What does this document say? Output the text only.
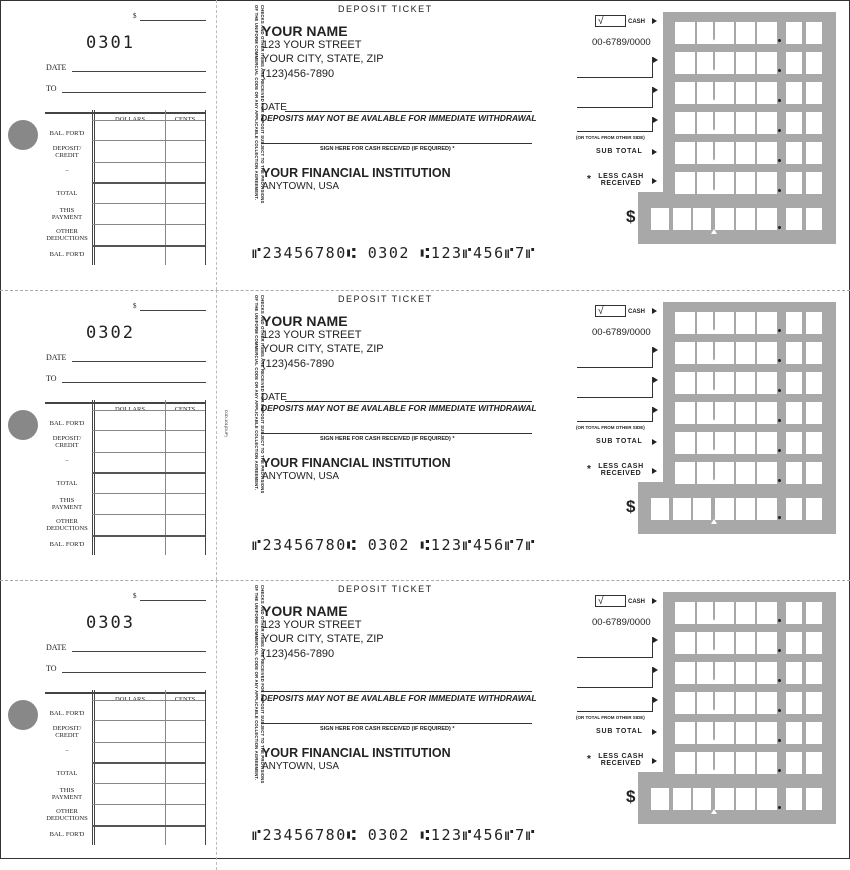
$
0301
DATE
TO
DOLLARS	CENTS
BAL. FOR'D
DEPOSIT/ CREDIT
–
TOTAL
THIS PAYMENT
OTHER DEDUCTIONS
BAL. FOR'D
CHECKS AND OTHER ITEMS ARE RECEIVED FOR DEPOSIT SUBJECT TO THE PROVISIONS OF THE UNIFORM COMMERCIAL CODE OR ANY APPLICABLE COLLECTION AGREEMENT.	DEPOSIT TICKET
YOUR NAME
123 YOUR STREET
YOUR CITY, STATE, ZIP
(123)456-7890
DATE
DEPOSITS MAY NOT BE AVALABLE FOR IMMEDIATE WITHDRAWAL
SIGN HERE FOR CASH RECEIVED (IF REQUIRED) *
YOUR FINANCIAL INSTITUTION
ANYTOWN, USA
⑈23456780⑆ 0302 ⑆123⑈456⑈7⑈
√	CASH
00-6789/0000
(OR TOTAL FROM OTHER SIDE)
SUB TOTAL
* LESS CASH RECEIVED
$
$
0302
DATE
TO
DOLLARS	CENTS
BAL. FOR'D
DEPOSIT/ CREDIT
–
TOTAL
THIS PAYMENT
OTHER DEDUCTIONS
BAL. FOR'D
CHECKS AND OTHER ITEMS ARE RECEIVED FOR DEPOSIT SUBJECT TO THE PROVISIONS OF THE UNIFORM COMMERCIAL CODE OR ANY APPLICABLE COLLECTION AGREEMENT.
DJD-101(DUP)
DEPOSIT TICKET
YOUR NAME
123 YOUR STREET
YOUR CITY, STATE, ZIP
(123)456-7890
DATE
DEPOSITS MAY NOT BE AVALABLE FOR IMMEDIATE WITHDRAWAL
SIGN HERE FOR CASH RECEIVED (IF REQUIRED) *
YOUR FINANCIAL INSTITUTION
ANYTOWN, USA
⑈23456780⑆ 0302 ⑆123⑈456⑈7⑈
√	CASH
00-6789/0000
(OR TOTAL FROM OTHER SIDE)
SUB TOTAL
* LESS CASH RECEIVED
$
$
0303
DATE
TO
DOLLARS	CENTS
BAL. FOR'D
DEPOSIT/ CREDIT
–
TOTAL
THIS PAYMENT
OTHER DEDUCTIONS
BAL. FOR'D
CHECKS AND OTHER ITEMS ARE RECEIVED FOR DEPOSIT SUBJECT TO THE PROVISIONS OF THE UNIFORM COMMERCIAL CODE OR ANY APPLICABLE COLLECTION AGREEMENT.	DEPOSIT TICKET
YOUR NAME
123 YOUR STREET
YOUR CITY, STATE, ZIP
(123)456-7890
DEPOSITS MAY NOT BE AVALABLE FOR IMMEDIATE WITHDRAWAL
SIGN HERE FOR CASH RECEIVED (IF REQUIRED) *
YOUR FINANCIAL INSTITUTION
ANYTOWN, USA
⑈23456780⑆ 0302 ⑆123⑈456⑈7⑈
√	CASH
00-6789/0000
(OR TOTAL FROM OTHER SIDE)
SUB TOTAL
* LESS CASH RECEIVED
$
